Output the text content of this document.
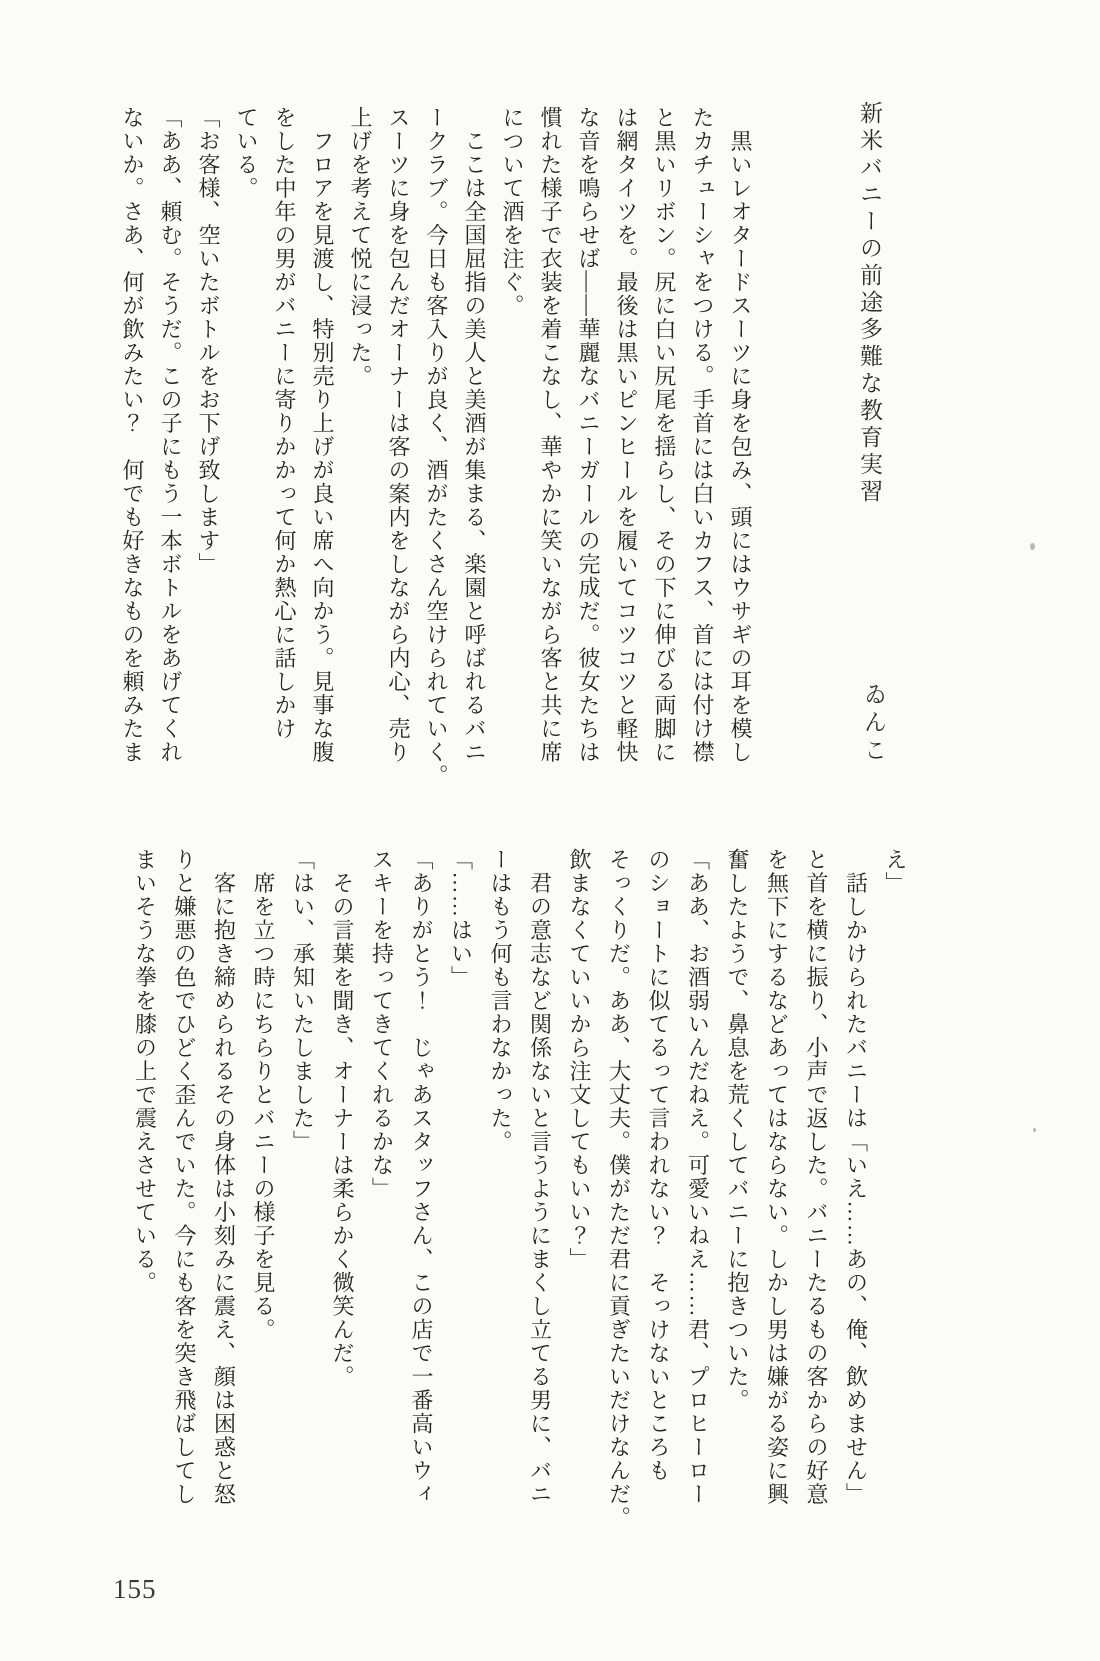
新米バニーの前途多難な教育実習
ゐんこ
　黒いレオタードスーツに身を包み、頭にはウサギの耳を模し
たカチューシャをつける。手首には白いカフス、首には付け襟
と黒いリボン。尻に白い尻尾を揺らし、その下に伸びる両脚に
は網タイツを。最後は黒いピンヒールを履いてコツコツと軽快
な音を鳴らせば――華麗なバニーガールの完成だ。彼女たちは
慣れた様子で衣装を着こなし、華やかに笑いながら客と共に席
について酒を注ぐ。
　ここは全国屈指の美人と美酒が集まる、楽園と呼ばれるバニ
ークラブ。今日も客入りが良く、酒がたくさん空けられていく。
スーツに身を包んだオーナーは客の案内をしながら内心、売り
上げを考えて悦に浸った。
　フロアを見渡し、特別売り上げが良い席へ向かう。見事な腹
をした中年の男がバニーに寄りかかって何か熱心に話しかけ
ている。
「お客様、空いたボトルをお下げ致します」
「ああ、頼む。そうだ。この子にもう一本ボトルをあげてくれ
ないか。さあ、何が飲みたい？　何でも好きなものを頼みたま
え」
　話しかけられたバニーは「いえ……あの、俺、飲めません」
と首を横に振り、小声で返した。バニーたるもの客からの好意
を無下にするなどあってはならない。しかし男は嫌がる姿に興
奮したようで、鼻息を荒くしてバニーに抱きついた。
「ああ、お酒弱いんだねえ。可愛いねえ……君、プロヒーロー
のショートに似てるって言われない？　そっけないところも
そっくりだ。ああ、大丈夫。僕がただ君に貢ぎたいだけなんだ。
飲まなくていいから注文してもいい？」
　君の意志など関係ないと言うようにまくし立てる男に、バニ
ーはもう何も言わなかった。
「……はい」
「ありがとう！　じゃあスタッフさん、この店で一番高いウィ
スキーを持ってきてくれるかな」
　その言葉を聞き、オーナーは柔らかく微笑んだ。
「はい、承知いたしました」
　席を立つ時にちらりとバニーの様子を見る。
　客に抱き締められるその身体は小刻みに震え、顔は困惑と怒
りと嫌悪の色でひどく歪んでいた。今にも客を突き飛ばしてし
まいそうな拳を膝の上で震えさせている。
155
